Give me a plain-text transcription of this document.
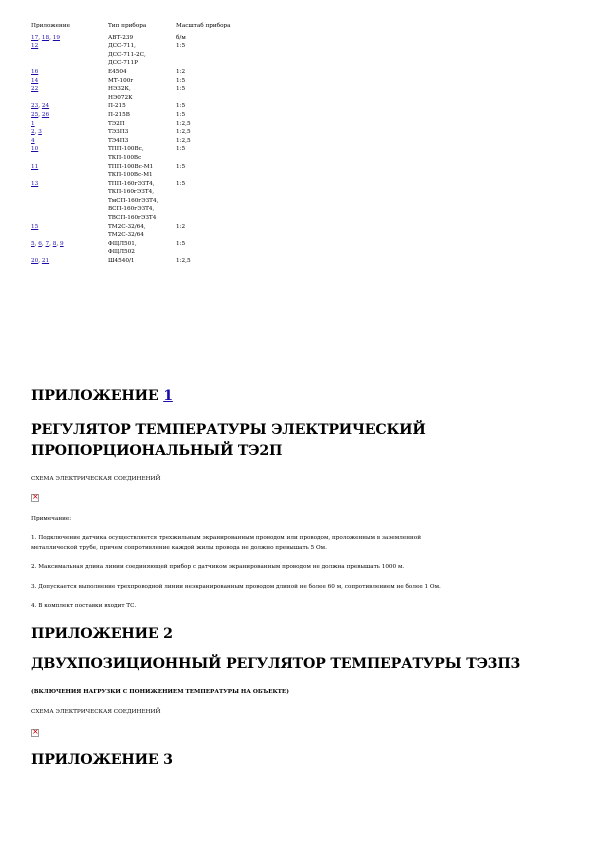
Приложение	Тип прибора	Масштаб прибора
17, 18, 19	АВТ-239	б/м
12	ДСС-711,	1:5
ДСС-711-2С,
ДСС-711Р
16	Е4504	1:2
14	МТ-100г	1:5
22	НЭ32К,	1:5
НЭ072К
23, 24	П-215	1:5
25, 26	П-215В	1:5
1	ТЭ2П	1:2,5
2, 3	ТЭ3П3	1:2,5
4	ТЭ4П3	1:2,5
10	ТПП-100Вс,	1:5
ТКП-100Вс
11	ТПП-100Вс-М1	1:5
ТКП-100Вс-М1
13	ТПП-160гЭЗТ4,	1:5
ТКП-160гЭЗТ4,
ТмСП-160гЭЗТ4,
ВСП-160гЭЗТ4,
ТВСП-160гЭЗТ4
15	ТМ2С-32/64,	1:2
ТМ2С-32/64
5, 6, 7, 8, 9	ФЩЛ501,	1:5
ФЩЛ502
20, 21	Ш4540/1	1:2,5
ПРИЛОЖЕНИЕ 1
РЕГУЛЯТОР ТЕМПЕРАТУРЫ ЭЛЕКТРИЧЕСКИЙ
ПРОПОРЦИОНАЛЬНЫЙ ТЭ2П
СХЕМА ЭЛЕКТРИЧЕСКАЯ СОЕДИНЕНИЙ
×
Примечание:
1. Подключение датчика осуществляется трехжильным экранированным проводом или проводом, проложенным в заземленной
металлической трубе, причем сопротивление каждой жилы провода не должно превышать 5 Ом.
2. Максимальная длина линии соединяющей прибор с датчиком экранированным проводом не должна превышать 1000 м.
3. Допускается выполнение трехпроводной линии неэкранированным проводом длиной не более 60 м, сопротивлением не более 1 Ом.
4. В комплект поставки входит ТС.
ПРИЛОЖЕНИЕ 2
ДВУХПОЗИЦИОННЫЙ РЕГУЛЯТОР ТЕМПЕРАТУРЫ ТЭ3П3
(ВКЛЮЧЕНИЯ НАГРУЗКИ С ПОНИЖЕНИЕМ ТЕМПЕРАТУРЫ НА ОБЪЕКТЕ)
СХЕМА ЭЛЕКТРИЧЕСКАЯ СОЕДИНЕНИЙ
×
ПРИЛОЖЕНИЕ 3
